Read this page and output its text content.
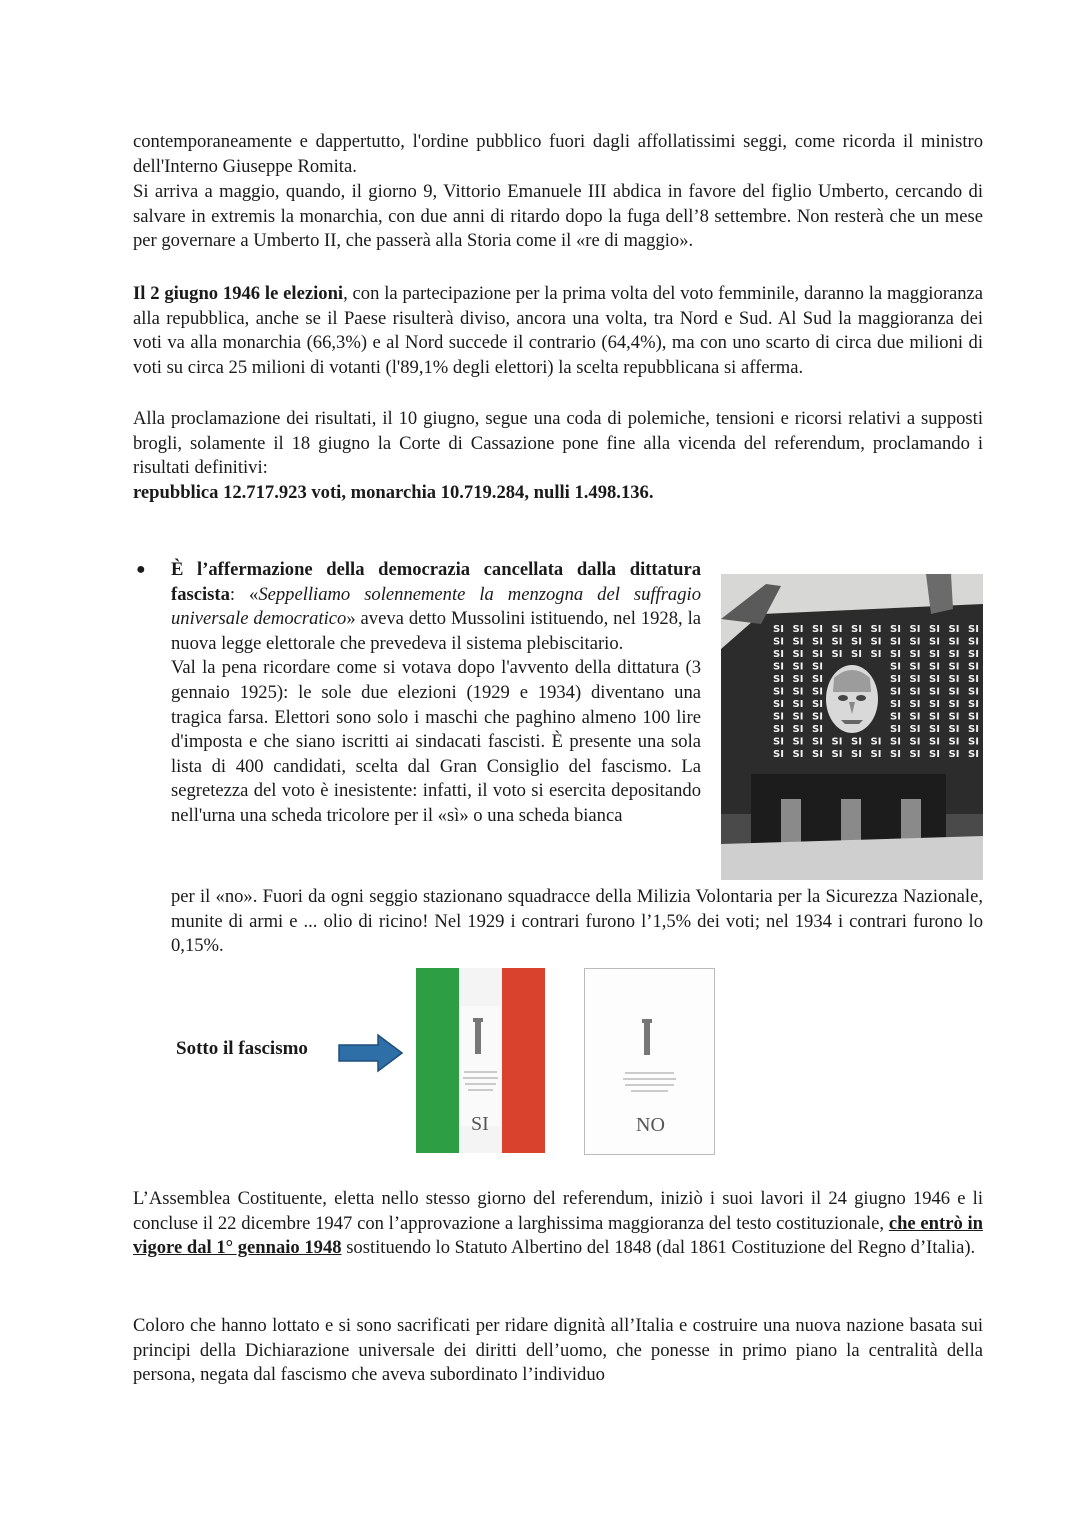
contemporaneamente e dappertutto, l'ordine pubblico fuori dagli affollatissimi seggi, come ricorda il ministro dell'Interno Giuseppe Romita.

Si arriva a maggio, quando, il giorno 9, Vittorio Emanuele III abdica in favore del figlio Umberto, cercando di salvare in extremis la monarchia, con due anni di ritardo dopo la fuga dell’8 settembre. Non resterà che un mese per governare a Umberto II, che passerà alla Storia come il «re di maggio».

Il 2 giugno 1946 le elezioni, con la partecipazione per la prima volta del voto femminile, daranno la maggioranza alla repubblica, anche se il Paese risulterà diviso, ancora una volta, tra Nord e Sud. Al Sud la maggioranza dei voti va alla monarchia (66,3%) e al Nord succede il contrario (64,4%), ma con uno scarto di circa due milioni di voti su circa 25 milioni di votanti (l'89,1% degli elettori) la scelta repubblicana si afferma.

Alla proclamazione dei risultati, il 10 giugno, segue una coda di polemiche, tensioni e ricorsi relativi a supposti brogli, solamente il 18 giugno la Corte di Cassazione pone fine alla vicenda del referendum, proclamando i risultati definitivi:
repubblica 12.717.923 voti, monarchia 10.719.284, nulli 1.498.136.

● È l’affermazione della democrazia cancellata dalla dittatura fascista: «Seppelliamo solennemente la menzogna del suffragio universale democratico» aveva detto Mussolini istituendo, nel 1928, la nuova legge elettorale che prevedeva il sistema plebiscitario.

Val la pena ricordare come si votava dopo l'avvento della dittatura (3 gennaio 1925): le sole due elezioni (1929 e 1934) diventano una tragica farsa. Elettori sono solo i maschi che paghino almeno 100 lire d'imposta e che siano iscritti ai sindacati fascisti. È presente una sola lista di 400 candidati, scelta dal Gran Consiglio del fascismo. La segretezza del voto è inesistente: infatti, il voto si esercita depositando nell'urna una scheda tricolore per il «sì» o una scheda bianca

SI SI SI SI SI SI SI SI SI SI SI
SI SI SI SI SI SI SI SI SI SI SI
SI SI SI SI SI SI SI SI SI SI SI
SI SI SI	SI SI SI SI SI
SI SI SI	SI SI SI SI SI
SI SI SI	SI SI SI SI SI
SI SI SI	SI SI SI SI SI
SI SI SI	SI SI SI SI SI
SI SI SI	SI SI SI SI SI
SI SI SI SI SI SI SI SI SI SI SI
SI SI SI SI SI SI SI SI SI SI SI

per il «no». Fuori da ogni seggio stazionano squadracce della Milizia Volontaria per la Sicurezza Nazionale, munite di armi e ... olio di ricino! Nel 1929 i contrari furono l’1,5% dei voti; nel 1934 i contrari furono lo 0,15%.

Sotto il fascismo
SI	NO

L’Assemblea Costituente, eletta nello stesso giorno del referendum, iniziò i suoi lavori il 24 giugno 1946 e li concluse il 22 dicembre 1947 con l’approvazione a larghissima maggioranza del testo costituzionale, che entrò in vigore dal 1° gennaio 1948 sostituendo lo Statuto Albertino del 1848 (dal 1861 Costituzione del Regno d’Italia).

Coloro che hanno lottato e si sono sacrificati per ridare dignità all’Italia e costruire una nuova nazione basata sui principi della Dichiarazione universale dei diritti dell’uomo, che ponesse in primo piano la centralità della persona, negata dal fascismo che aveva subordinato l’individuo
